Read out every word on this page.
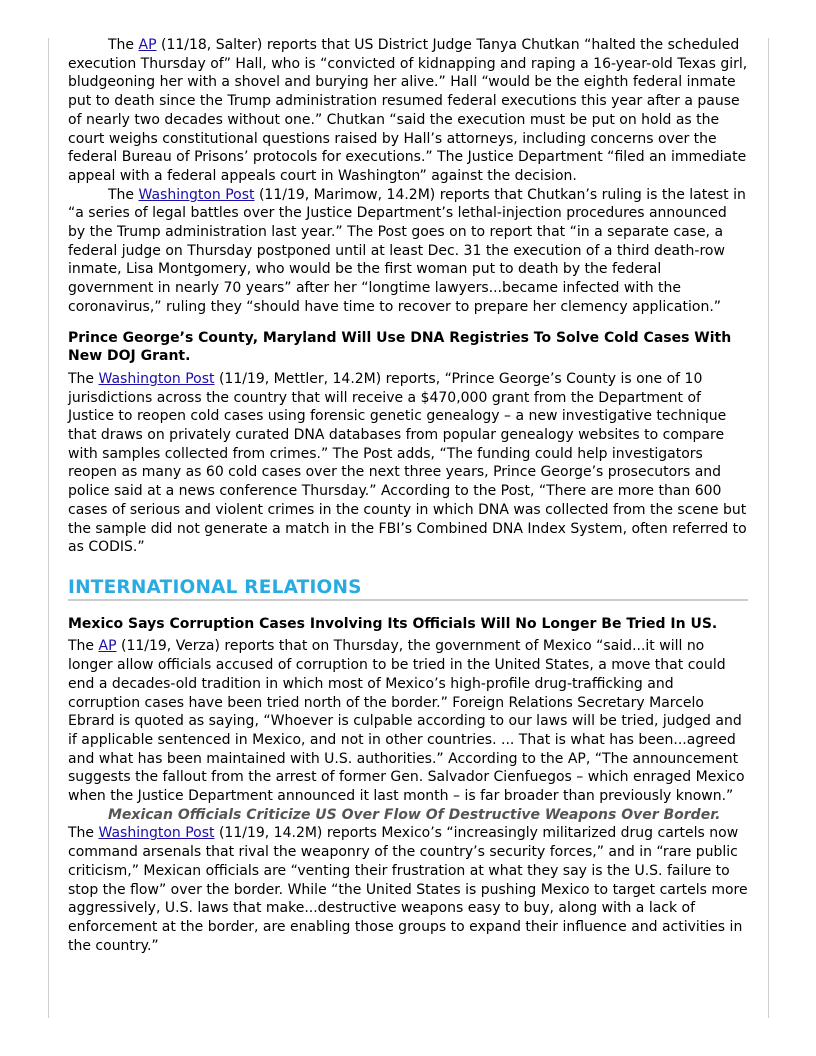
The AP (11/18, Salter) reports that US District Judge Tanya Chutkan “halted the scheduled execution Thursday of” Hall, who is “convicted of kidnapping and raping a 16-year-old Texas girl, bludgeoning her with a shovel and burying her alive.” Hall “would be the eighth federal inmate put to death since the Trump administration resumed federal executions this year after a pause of nearly two decades without one.” Chutkan “said the execution must be put on hold as the court weighs constitutional questions raised by Hall’s attorneys, including concerns over the federal Bureau of Prisons’ protocols for executions.” The Justice Department “filed an immediate appeal with a federal appeals court in Washington” against the decision.

The Washington Post (11/19, Marimow, 14.2M) reports that Chutkan’s ruling is the latest in “a series of legal battles over the Justice Department’s lethal-injection procedures announced by the Trump administration last year.” The Post goes on to report that “in a separate case, a federal judge on Thursday postponed until at least Dec. 31 the execution of a third death-row inmate, Lisa Montgomery, who would be the first woman put to death by the federal government in nearly 70 years” after her “longtime lawyers...became infected with the coronavirus,” ruling they “should have time to recover to prepare her clemency application.”

Prince George’s County, Maryland Will Use DNA Registries To Solve Cold Cases With New DOJ Grant.

The Washington Post (11/19, Mettler, 14.2M) reports, “Prince George’s County is one of 10 jurisdictions across the country that will receive a $470,000 grant from the Department of Justice to reopen cold cases using forensic genetic genealogy – a new investigative technique that draws on privately curated DNA databases from popular genealogy websites to compare with samples collected from crimes.” The Post adds, “The funding could help investigators reopen as many as 60 cold cases over the next three years, Prince George’s prosecutors and police said at a news conference Thursday.” According to the Post, “There are more than 600 cases of serious and violent crimes in the county in which DNA was collected from the scene but the sample did not generate a match in the FBI’s Combined DNA Index System, often referred to as CODIS.”

INTERNATIONAL RELATIONS
Mexico Says Corruption Cases Involving Its Officials Will No Longer Be Tried In US.

The AP (11/19, Verza) reports that on Thursday, the government of Mexico “said...it will no longer allow officials accused of corruption to be tried in the United States, a move that could end a decades-old tradition in which most of Mexico’s high-profile drug-trafficking and corruption cases have been tried north of the border.” Foreign Relations Secretary Marcelo Ebrard is quoted as saying, “Whoever is culpable according to our laws will be tried, judged and if applicable sentenced in Mexico, and not in other countries. ... That is what has been...agreed and what has been maintained with U.S. authorities.” According to the AP, “The announcement suggests the fallout from the arrest of former Gen. Salvador Cienfuegos – which enraged Mexico when the Justice Department announced it last month – is far broader than previously known.”

Mexican Officials Criticize US Over Flow Of Destructive Weapons Over Border.

The Washington Post (11/19, 14.2M) reports Mexico’s “increasingly militarized drug cartels now command arsenals that rival the weaponry of the country’s security forces,” and in “rare public criticism,” Mexican officials are “venting their frustration at what they say is the U.S. failure to stop the flow” over the border. While “the United States is pushing Mexico to target cartels more aggressively, U.S. laws that make...destructive weapons easy to buy, along with a lack of enforcement at the border, are enabling those groups to expand their influence and activities in the country.”
